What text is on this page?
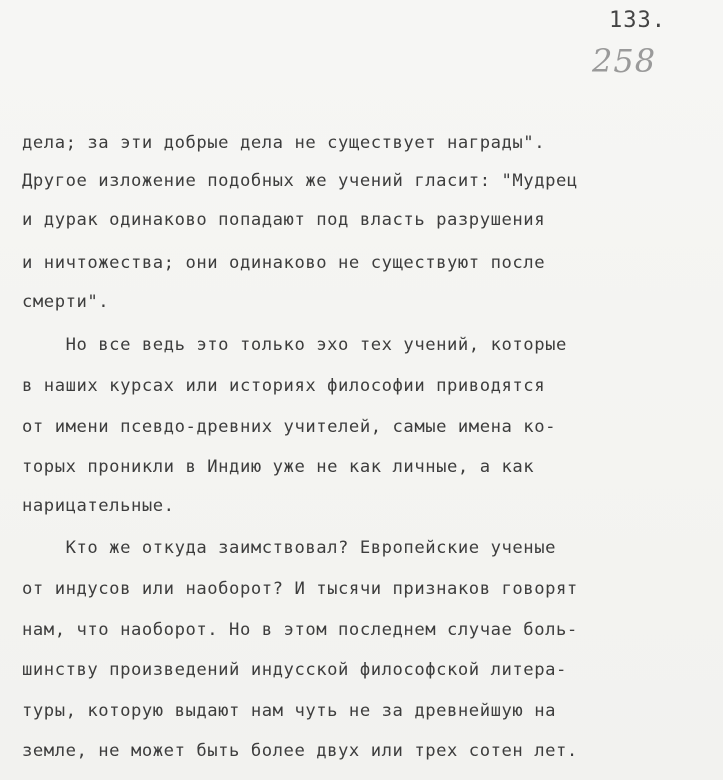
133.
258
дела; за эти добрые дела не существует награды".
Другое изложение подобных же учений гласит: "Мудрец
и дурак одинаково попадают под власть разрушения
и ничтожества; они одинаково не существуют после
смерти".
Но все ведь это только эхо тех учений, которые
в наших курсах или историях философии приводятся
от имени псевдо-древних учителей, самые имена ко-
торых проникли в Индию уже не как личные, а как
нарицательные.
Кто же откуда заимствовал? Европейские ученые
от индусов или наоборот? И тысячи признаков говорят
нам, что наоборот. Но в этом последнем случае боль-
шинству произведений индусской философской литера-
туры, которую выдают нам чуть не за древнейшую на
земле, не может быть более двух или трех сотен лет.
